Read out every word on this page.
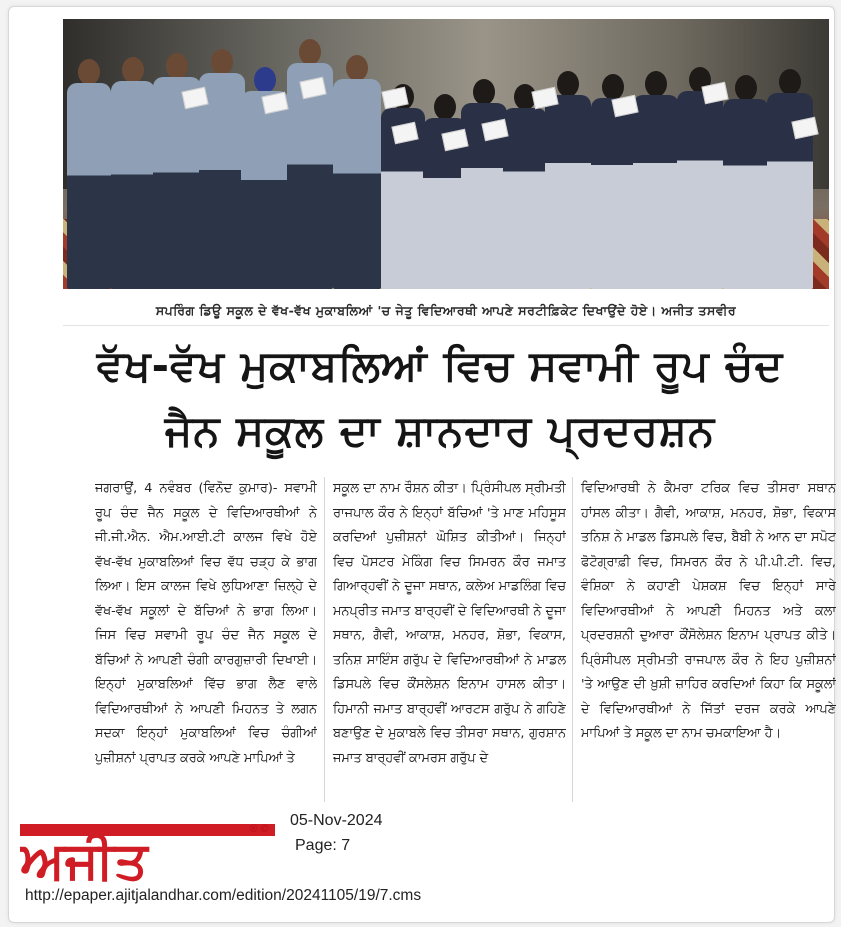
ਸਪਰਿੰਗ ਡਿਊ ਸਕੂਲ ਦੇ ਵੱਖ-ਵੱਖ ਮੁਕਾਬਲਿਆਂ 'ਚ ਜੇਤੂ ਵਿਦਿਆਰਥੀ ਆਪਣੇ ਸਰਟੀਫ਼ਿਕੇਟ ਦਿਖਾਉਂਦੇ ਹੋਏ। ਅਜੀਤ ਤਸਵੀਰ
ਵੱਖ-ਵੱਖ ਮੁਕਾਬਲਿਆਂ ਵਿਚ ਸਵਾਮੀ ਰੂਪ ਚੰਦ
ਜੈਨ ਸਕੂਲ ਦਾ ਸ਼ਾਨਦਾਰ ਪ੍ਰਦਰਸ਼ਨ
ਜਗਰਾਉਂ, 4 ਨਵੰਬਰ (ਵਿਨੋਦ ਕੁਮਾਰ)- ਸਵਾਮੀ ਰੂਪ ਚੰਦ ਜੈਨ ਸਕੂਲ ਦੇ ਵਿਦਿਆਰਥੀਆਂ ਨੇ ਜੀ.ਜੀ.ਐਨ. ਐਮ.ਆਈ.ਟੀ ਕਾਲਜ ਵਿਖੇ ਹੋਏ ਵੱਖ-ਵੱਖ ਮੁਕਾਬਲਿਆਂ ਵਿਚ ਵੱਧ ਚੜ੍ਹ ਕੇ ਭਾਗ ਲਿਆ। ਇਸ ਕਾਲਜ ਵਿਖੇ ਲੁਧਿਆਣਾ ਜ਼ਿਲ੍ਹੇ ਦੇ ਵੱਖ-ਵੱਖ ਸਕੂਲਾਂ ਦੇ ਬੱਚਿਆਂ ਨੇ ਭਾਗ ਲਿਆ। ਜਿਸ ਵਿਚ ਸਵਾਮੀ ਰੂਪ ਚੰਦ ਜੈਨ ਸਕੂਲ ਦੇ ਬੱਚਿਆਂ ਨੇ ਆਪਣੀ ਚੰਗੀ ਕਾਰਗੁਜ਼ਾਰੀ ਦਿਖਾਈ। ਇਨ੍ਹਾਂ ਮੁਕਾਬਲਿਆਂ ਵਿੱਚ ਭਾਗ ਲੈਣ ਵਾਲੇ ਵਿਦਿਆਰਥੀਆਂ ਨੇ ਆਪਣੀ ਮਿਹਨਤ ਤੇ ਲਗਨ ਸਦਕਾ ਇਨ੍ਹਾਂ ਮੁਕਾਬਲਿਆਂ ਵਿਚ ਚੰਗੀਆਂ ਪੁਜ਼ੀਸ਼ਨਾਂ ਪ੍ਰਾਪਤ ਕਰਕੇ ਆਪਣੇ ਮਾਪਿਆਂ ਤੇ
ਸਕੂਲ ਦਾ ਨਾਮ ਰੌਸ਼ਨ ਕੀਤਾ। ਪ੍ਰਿੰਸੀਪਲ ਸ੍ਰੀਮਤੀ ਰਾਜਪਾਲ ਕੌਰ ਨੇ ਇਨ੍ਹਾਂ ਬੱਚਿਆਂ 'ਤੇ ਮਾਣ ਮਹਿਸੂਸ ਕਰਦਿਆਂ ਪੁਜ਼ੀਸ਼ਨਾਂ ਘੋਸ਼ਿਤ ਕੀਤੀਆਂ। ਜਿਨ੍ਹਾਂ ਵਿਚ ਪੋਸਟਰ ਮੇਕਿੰਗ ਵਿਚ ਸਿਮਰਨ ਕੌਰ ਜਮਾਤ ਗਿਆਰ੍ਹਵੀਂ ਨੇ ਦੂਜਾ ਸਥਾਨ, ਕਲੇਅ ਮਾਡਲਿੰਗ ਵਿਚ ਮਨਪ੍ਰੀਤ ਜਮਾਤ ਬਾਰ੍ਹਵੀਂ ਦੇ ਵਿਦਿਆਰਥੀ ਨੇ ਦੂਜਾ ਸਥਾਨ, ਗੈਵੀ, ਆਕਾਸ਼, ਮਨਹਰ, ਸ਼ੋਭਾ, ਵਿਕਾਸ, ਤਨਿਸ਼ ਸਾਇੰਸ ਗਰੁੱਪ ਦੇ ਵਿਦਿਆਰਥੀਆਂ ਨੇ ਮਾਡਲ ਡਿਸਪਲੇ ਵਿਚ ਕੌਂਸਲੇਸ਼ਨ ਇਨਾਮ ਹਾਸਲ ਕੀਤਾ। ਹਿਮਾਨੀ ਜਮਾਤ ਬਾਰ੍ਹਵੀਂ ਆਰਟਸ ਗਰੁੱਪ ਨੇ ਗਹਿਣੇ ਬਣਾਉਣ ਦੇ ਮੁਕਾਬਲੇ ਵਿਚ ਤੀਸਰਾ ਸਥਾਨ, ਗੁਰਸ਼ਾਨ ਜਮਾਤ ਬਾਰ੍ਹਵੀਂ ਕਾਮਰਸ ਗਰੁੱਪ ਦੇ
ਵਿਦਿਆਰਥੀ ਨੇ ਕੈਮਰਾ ਟਰਿਕ ਵਿਚ ਤੀਸਰਾ ਸਥਾਨ ਹਾਂਸਲ ਕੀਤਾ। ਗੈਵੀ, ਆਕਾਸ਼, ਮਨਹਰ, ਸ਼ੋਭਾ, ਵਿਕਾਸ ਤਨਿਸ਼ ਨੇ ਮਾਡਲ ਡਿਸਪਲੇ ਵਿਚ, ਬੈਬੀ ਨੇ ਆਨ ਦਾ ਸਪੋਟ ਫੋਟੋਗ੍ਰਾਫ਼ੀ ਵਿਚ, ਸਿਮਰਨ ਕੌਰ ਨੇ ਪੀ.ਪੀ.ਟੀ. ਵਿਚ, ਵੰਸ਼ਿਕਾ ਨੇ ਕਹਾਣੀ ਪੇਸ਼ਕਸ਼ ਵਿਚ ਇਨ੍ਹਾਂ ਸਾਰੇ ਵਿਦਿਆਰਥੀਆਂ ਨੇ ਆਪਣੀ ਮਿਹਨਤ ਅਤੇ ਕਲਾ ਪ੍ਰਦਰਸ਼ਨੀ ਦੁਆਰਾ ਕੌਂਸੋਲੇਸ਼ਨ ਇਨਾਮ ਪ੍ਰਾਪਤ ਕੀਤੇ। ਪ੍ਰਿੰਸੀਪਲ ਸ੍ਰੀਮਤੀ ਰਾਜਪਾਲ ਕੌਰ ਨੇ ਇਹ ਪੁਜ਼ੀਸ਼ਨਾਂ 'ਤੇ ਆਉਣ ਦੀ ਖ਼ੁਸ਼ੀ ਜ਼ਾਹਿਰ ਕਰਦਿਆਂ ਕਿਹਾ ਕਿ ਸਕੂਲਾਂ ਦੇ ਵਿਦਿਆਰਥੀਆਂ ਨੇ ਜਿੱਤਾਂ ਦਰਜ ਕਰਕੇ ਆਪਣੇ ਮਾਪਿਆਂ ਤੇ ਸਕੂਲ ਦਾ ਨਾਮ ਚਮਕਾਇਆ ਹੈ।
ਅਜੀਤ
®© 05-Nov-2024
Page: 7
http://epaper.ajitjalandhar.com/edition/20241105/19/7.cms
